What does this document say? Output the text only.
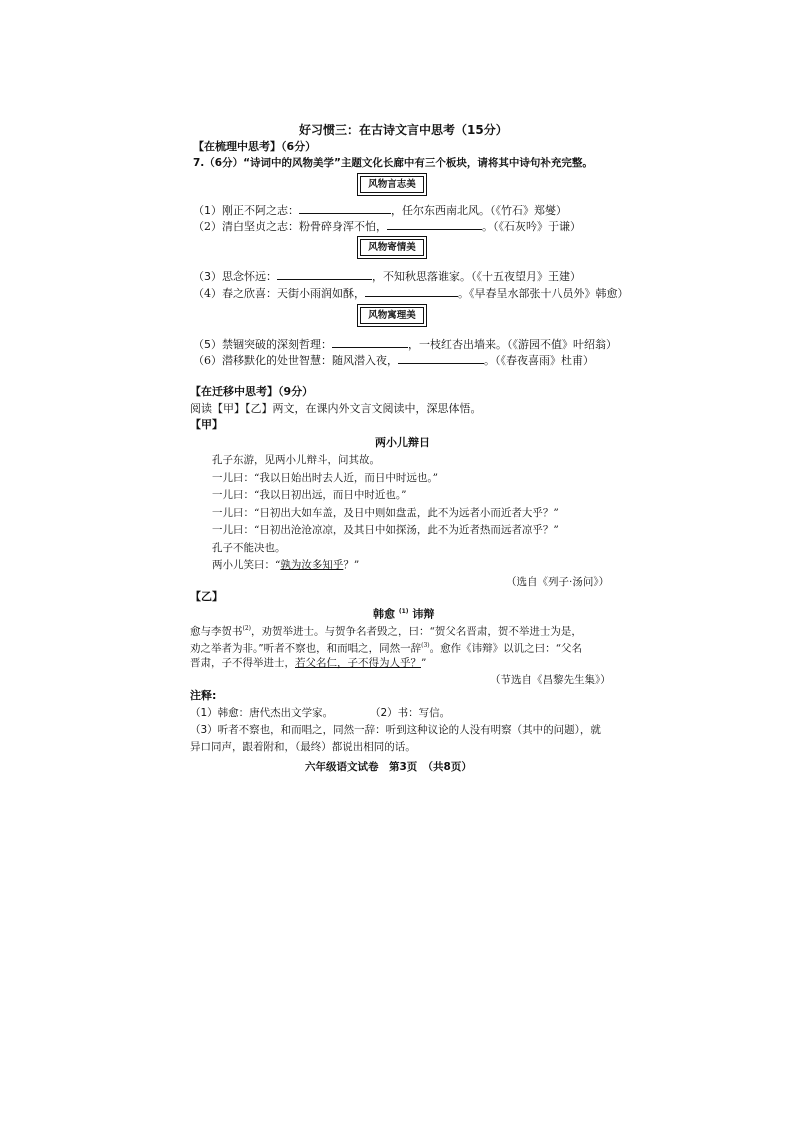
好习惯三：在古诗文言中思考（15分）
【在梳理中思考】（6分）
7.（6分）“诗词中的风物美学”主题文化长廊中有三个板块，请将其中诗句补充完整。
风物言志美
（1）刚正不阿之志：	，任尔东西南北风。（《竹石》郑燮）
（2）清白坚贞之志：粉骨碎身浑不怕，	。（《石灰吟》于谦）
风物寄情美
（3）思念怀远：	，不知秋思落谁家。（《十五夜望月》王建）
（4）春之欣喜：天街小雨润如酥，	。《早春呈水部张十八员外》韩愈）
风物寓理美
（5）禁锢突破的深刻哲理：	，一枝红杏出墙来。（《游园不值》叶绍翁）
（6）潜移默化的处世智慧：随风潜入夜，	。（《春夜喜雨》杜甫）
【在迁移中思考】（9分）
阅读【甲】【乙】两文，在课内外文言文阅读中，深思体悟。
【甲】
两小儿辩日
孔子东游，见两小儿辩斗，问其故。
一儿曰：“我以日始出时去人近，而日中时远也。”
一儿曰：“我以日初出远，而日中时近也。”
一儿曰：“日初出大如车盖，及日中则如盘盂，此不为远者小而近者大乎？”
一儿曰：“日初出沧沧凉凉，及其日中如探汤，此不为近者热而远者凉乎？”
孔子不能决也。
两小儿笑曰：“孰为汝多知乎？”
（选自《列子·汤问》）
【乙】
韩愈 $^{(1)}$ 讳辩
愈与李贺书$^{(2)}$，劝贺举进士。与贺争名者毁之，曰：“贺父名晋肃，贺不举进士为是，
劝之举者为非。”听者不察也，和而唱之，同然一辞$^{(3)}$。愈作《讳辩》以讥之曰：“父名
晋肃，子不得举进士，若父名仁，子不得为人乎？”
（节选自《昌黎先生集》）
注释:
（1）韩愈：唐代杰出文学家。	（2）书：写信。
（3）听者不察也，和而唱之，同然一辞：听到这种议论的人没有明察（其中的问题），就
异口同声，跟着附和，（最终）都说出相同的话。
六年级语文试卷　第3页　（共8页）
